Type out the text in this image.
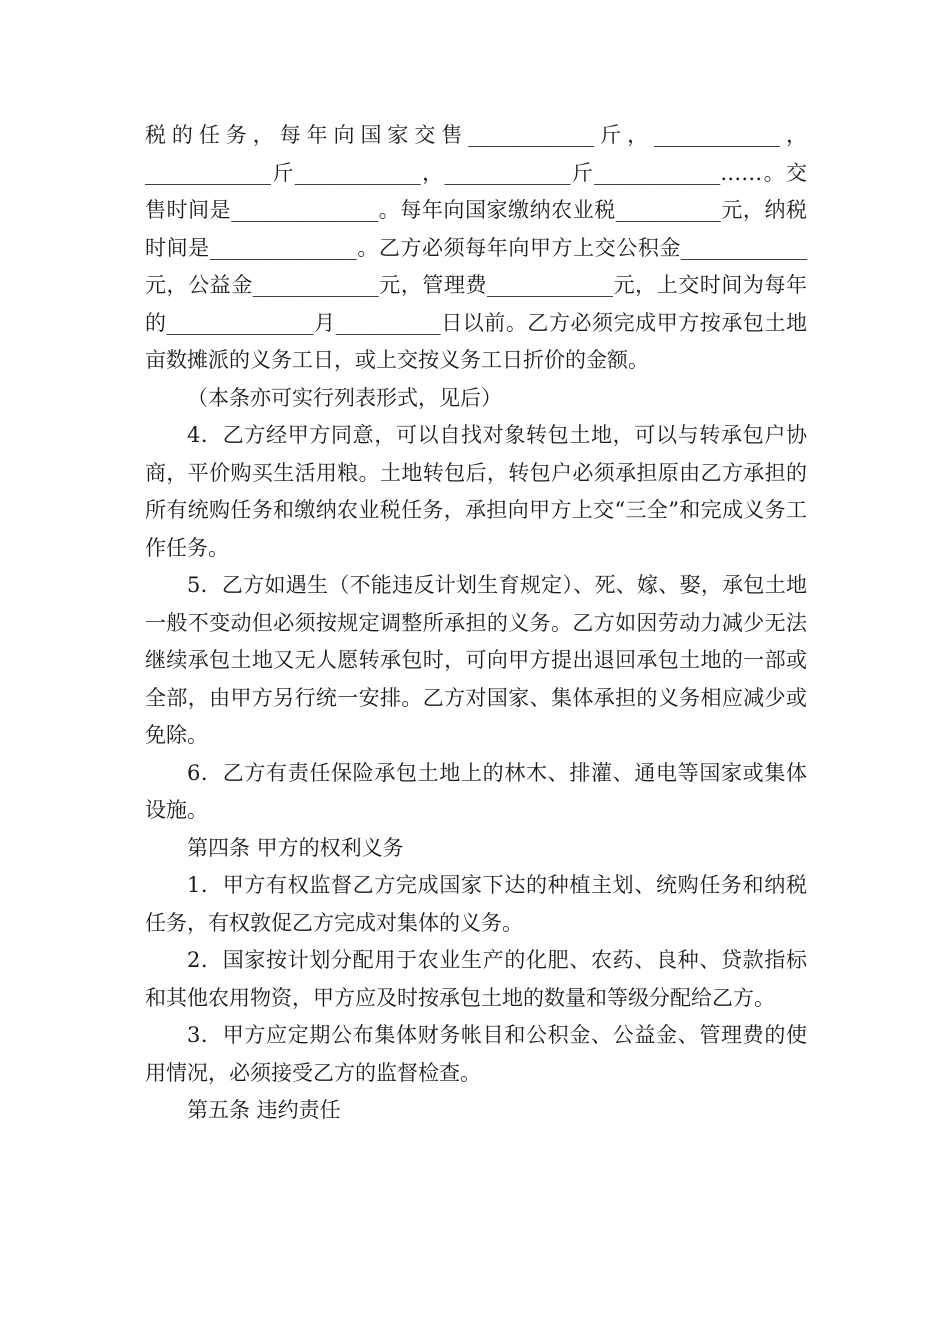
税的任务，每年向国家交售____________斤，____________，____________斤____________，____________斤____________……。交售时间是______________。每年向国家缴纳农业税__________元，纳税时间是______________。乙方必须每年向甲方上交公积金____________元，公益金____________元，管理费____________元，上交时间为每年的______________月__________日以前。乙方必须完成甲方按承包土地亩数摊派的义务工日，或上交按义务工日折价的金额。

（本条亦可实行列表形式，见后）

4．乙方经甲方同意，可以自找对象转包土地，可以与转承包户协商，平价购买生活用粮。土地转包后，转包户必须承担原由乙方承担的所有统购任务和缴纳农业税任务，承担向甲方上交“三全”和完成义务工作任务。

5．乙方如遇生（不能违反计划生育规定）、死、嫁、娶，承包土地一般不变动但必须按规定调整所承担的义务。乙方如因劳动力减少无法继续承包土地又无人愿转承包时，可向甲方提出退回承包土地的一部或全部，由甲方另行统一安排。乙方对国家、集体承担的义务相应减少或免除。

6．乙方有责任保险承包土地上的林木、排灌、通电等国家或集体设施。

第四条 甲方的权利义务

1．甲方有权监督乙方完成国家下达的种植主划、统购任务和纳税任务，有权敦促乙方完成对集体的义务。

2．国家按计划分配用于农业生产的化肥、农药、良种、贷款指标和其他农用物资，甲方应及时按承包土地的数量和等级分配给乙方。

3．甲方应定期公布集体财务帐目和公积金、公益金、管理费的使用情况，必须接受乙方的监督检查。

第五条 违约责任
